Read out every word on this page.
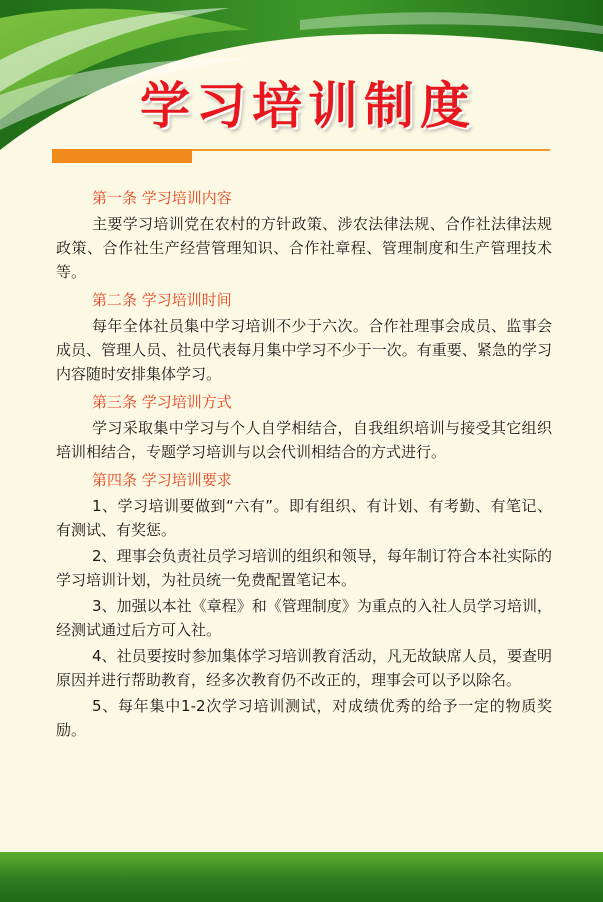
学习培训制度

第一条 学习培训内容

主要学习培训党在农村的方针政策、涉农法律法规、合作社法律法规政策、合作社生产经营管理知识、合作社章程、管理制度和生产管理技术等。

第二条 学习培训时间

每年全体社员集中学习培训不少于六次。合作社理事会成员、监事会成员、管理人员、社员代表每月集中学习不少于一次。有重要、紧急的学习内容随时安排集体学习。

第三条 学习培训方式

学习采取集中学习与个人自学相结合，自我组织培训与接受其它组织培训相结合，专题学习培训与以会代训相结合的方式进行。

第四条 学习培训要求

1、学习培训要做到“六有”。即有组织、有计划、有考勤、有笔记、有测试、有奖惩。

2、理事会负责社员学习培训的组织和领导，每年制订符合本社实际的学习培训计划，为社员统一免费配置笔记本。

3、加强以本社《章程》和《管理制度》为重点的入社人员学习培训，经测试通过后方可入社。

4、社员要按时参加集体学习培训教育活动，凡无故缺席人员，要查明原因并进行帮助教育，经多次教育仍不改正的，理事会可以予以除名。

5、每年集中1-2次学习培训测试，对成绩优秀的给予一定的物质奖励。
